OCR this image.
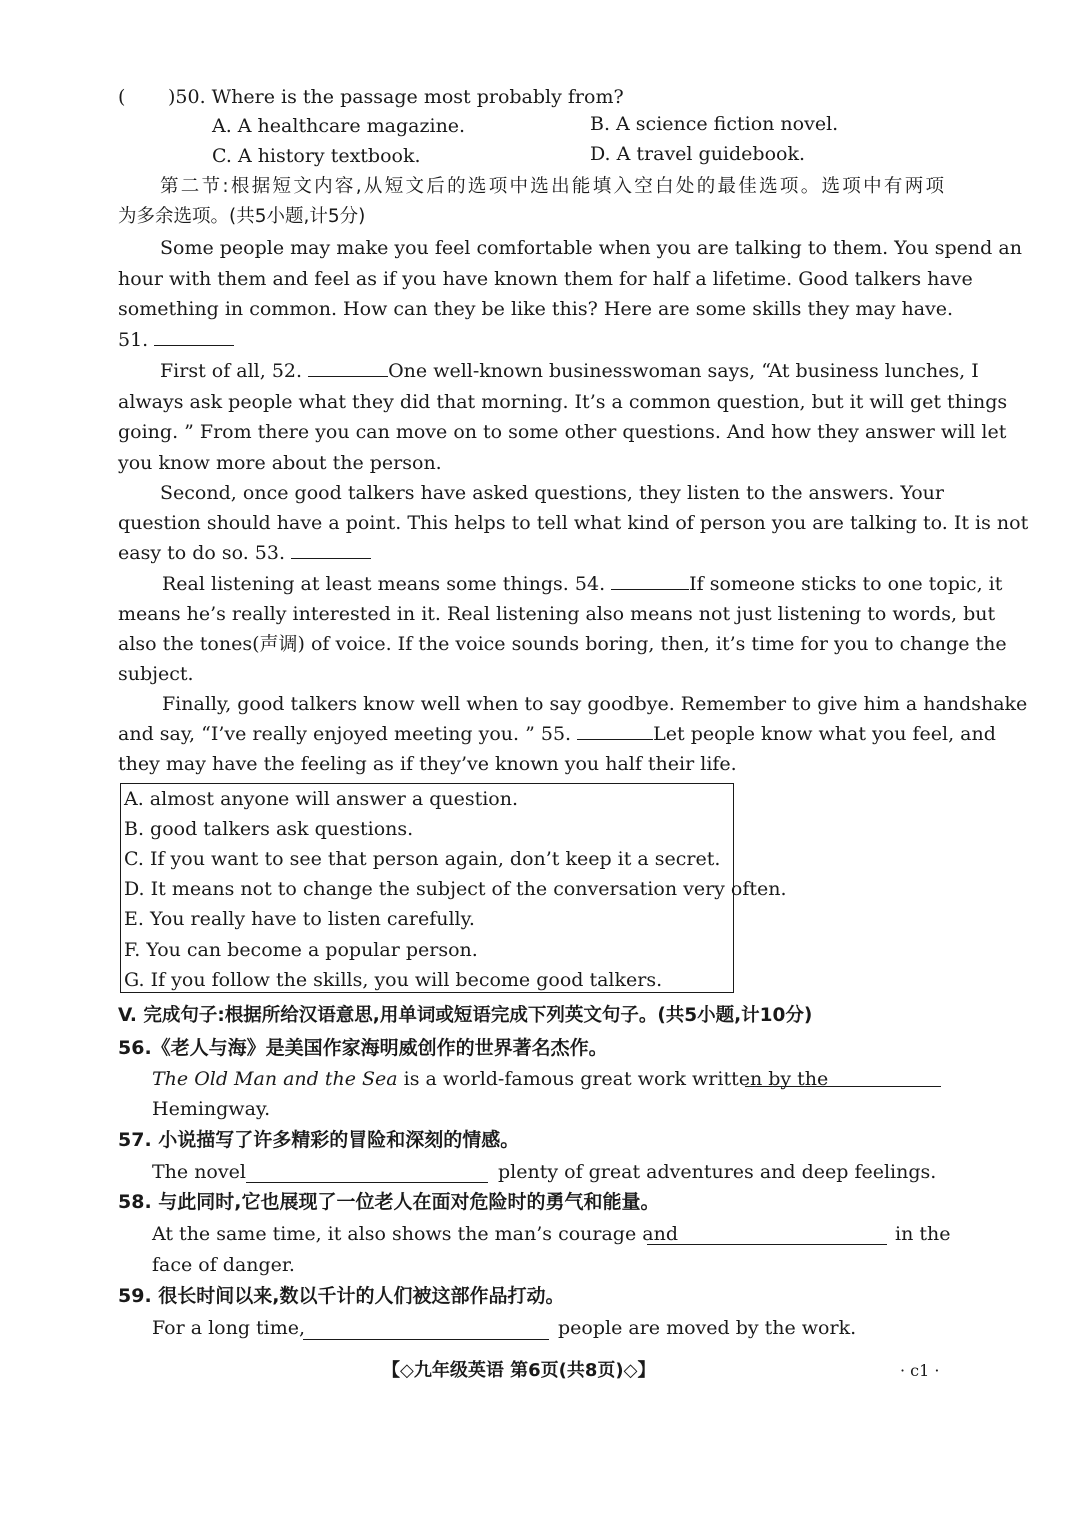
( )50. Where is the passage most probably from?
A. A healthcare magazine.	B. A science fiction novel.
C. A history textbook.	D. A travel guidebook.
第二节:根据短文内容,从短文后的选项中选出能填入空白处的最佳选项。选项中有两项
为多余选项。(共5小题,计5分)
Some people may make you feel comfortable when you are talking to them. You spend an
hour with them and feel as if you have known them for half a lifetime. Good talkers have
something in common. How can they be like this? Here are some skills they may have.
51.
First of all, 52.	One well-known businesswoman says, “At business lunches, I
always ask people what they did that morning. It’s a common question, but it will get things
going. ” From there you can move on to some other questions. And how they answer will let
you know more about the person.
Second, once good talkers have asked questions, they listen to the answers. Your
question should have a point. This helps to tell what kind of person you are talking to. It is not
easy to do so. 53.
Real listening at least means some things. 54.	If someone sticks to one topic, it
means he’s really interested in it. Real listening also means not just listening to words, but
also the tones(声调) of voice. If the voice sounds boring, then, it’s time for you to change the
subject.
Finally, good talkers know well when to say goodbye. Remember to give him a handshake
and say, “I’ve really enjoyed meeting you. ” 55.	Let people know what you feel, and
they may have the feeling as if they’ve known you half their life.
A. almost anyone will answer a question.
B. good talkers ask questions.
C. If you want to see that person again, don’t keep it a secret.
D. It means not to change the subject of the conversation very often.
E. You really have to listen carefully.
F. You can become a popular person.
G. If you follow the skills, you will become good talkers.
V. 完成句子:根据所给汉语意思,用单词或短语完成下列英文句子。(共5小题,计10分)
56.《老人与海》是美国作家海明威创作的世界著名杰作。
The Old Man and the Sea is a world-famous great work written by the
Hemingway.
57. 小说描写了许多精彩的冒险和深刻的情感。
The novel	plenty of great adventures and deep feelings.
58. 与此同时,它也展现了一位老人在面对危险时的勇气和能量。
At the same time, it also shows the man’s courage and	in the
face of danger.
59. 很长时间以来,数以千计的人们被这部作品打动。
For a long time,	people are moved by the work.
【◇九年级英语 第6页(共8页)◇】	· c1 ·
